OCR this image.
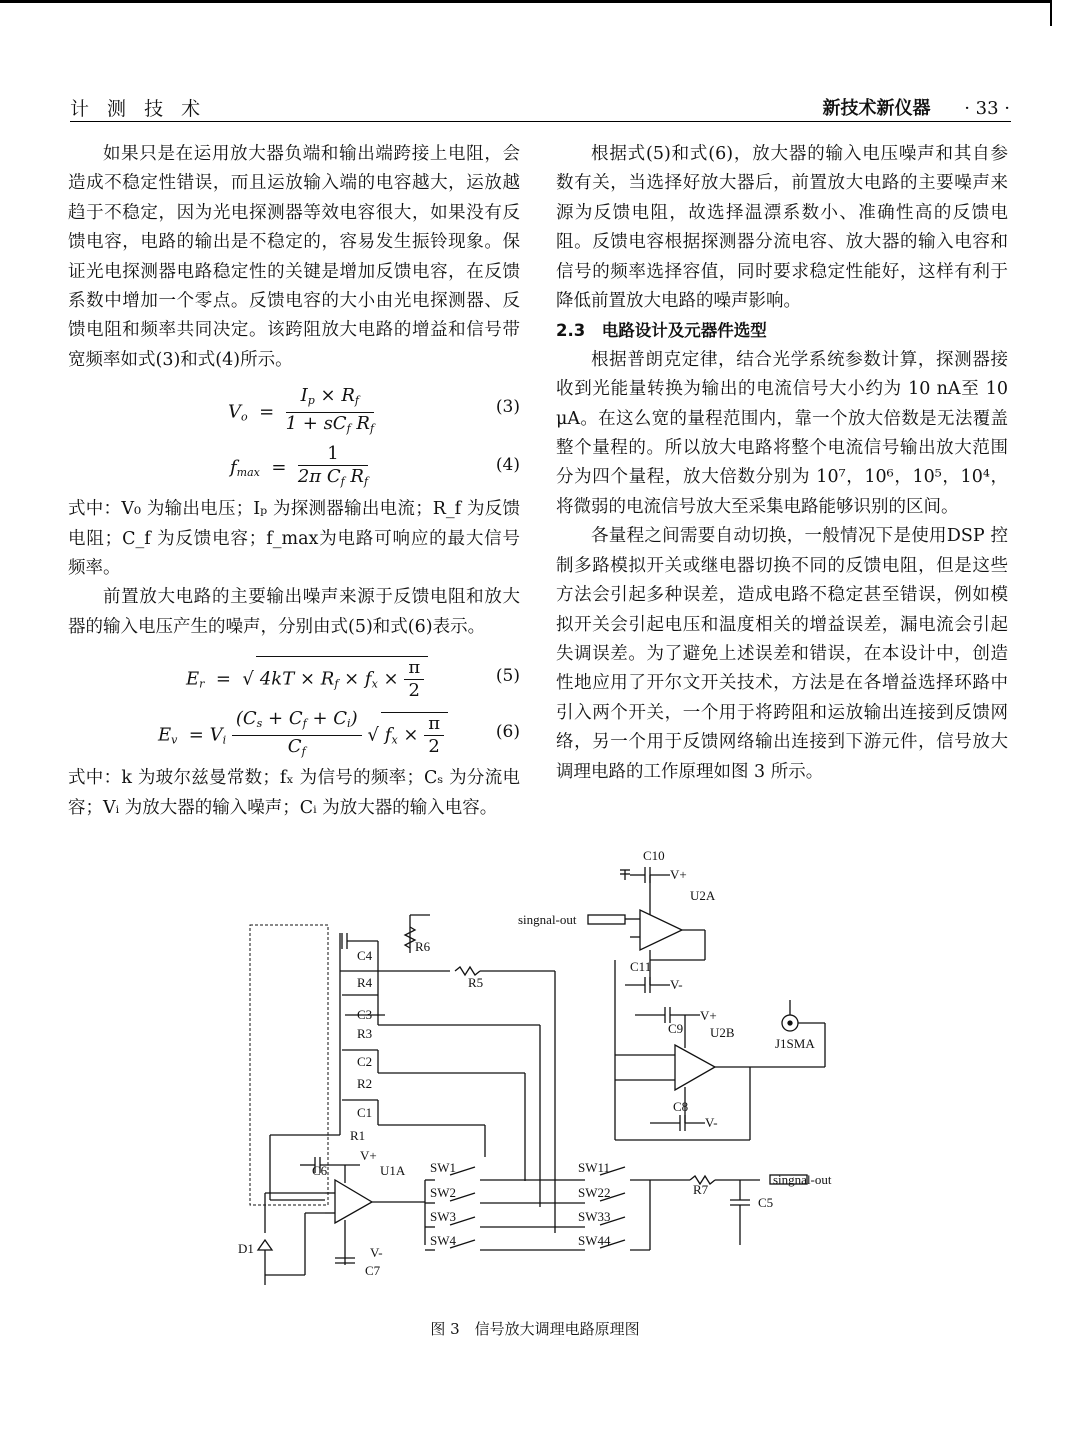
计 测 技 术	新技术新仪器 · 33 ·

如果只是在运用放大器负端和输出端跨接上电阻，会造成不稳定性错误，而且运放输入端的电容越大，运放越趋于不稳定，因为光电探测器等效电容很大，如果没有反馈电容，电路的输出是不稳定的，容易发生振铃现象。保证光电探测器电路稳定性的关键是增加反馈电容，在反馈系数中增加一个零点。反馈电容的大小由光电探测器、反馈电阻和频率共同决定。该跨阻放大电路的增益和信号带宽频率如式(3)和式(4)所示。

$V_o = \frac{I_p \times R_f}{1 + sC_f R_f}$	(3)
$f_{max} = \frac{1}{2\pi C_f R_f}$	(4)

式中：V₀ 为输出电压；Iₚ 为探测器输出电流；R_f 为反馈电阻；C_f 为反馈电容；f_max为电路可响应的最大信号频率。

前置放大电路的主要输出噪声来源于反馈电阻和放大器的输入电压产生的噪声，分别由式(5)和式(6)表示。

$E_r$  =  √ $4kT \times R_f \times f_x \times \frac{\pi}{2}$	(5)
$E_v = V_i \frac{(C_s + C_f + C_i)}{C_f}$ √ $f_x \times \frac{\pi}{2}$	(6)

式中：k 为玻尔兹曼常数；fₓ 为信号的频率；Cₛ 为分流电容；Vᵢ 为放大器的输入噪声；Cᵢ 为放大器的输入电容。

根据式(5)和式(6)，放大器的输入电压噪声和其自参数有关，当选择好放大器后，前置放大电路的主要噪声来源为反馈电阻，故选择温漂系数小、准确性高的反馈电阻。反馈电容根据探测器分流电容、放大器的输入电容和信号的频率选择容值，同时要求稳定性能好，这样有利于降低前置放大电路的噪声影响。

2.3　电路设计及元器件选型

根据普朗克定律，结合光学系统参数计算，探测器接收到光能量转换为输出的电流信号大小约为 10 nA至 10 μA。在这么宽的量程范围内，靠一个放大倍数是无法覆盖整个量程的。所以放大电路将整个电流信号输出放大范围分为四个量程，放大倍数分别为 10⁷，10⁶，10⁵，10⁴，将微弱的电流信号放大至采集电路能够识别的区间。

各量程之间需要自动切换，一般情况下是使用DSP 控制多路模拟开关或继电器切换不同的反馈电阻，但是这些方法会引起多种误差，造成电路不稳定甚至错误，例如模拟开关会引起电压和温度相关的增益误差，漏电流会引起失调误差。为了避免上述误差和错误，在本设计中，创造性地应用了开尔文开关技术，方法是在各增益选择环路中引入两个开关，一个用于将跨阻和运放输出连接到反馈网络，另一个用于反馈网络输出连接到下游元件，信号放大调理电路的工作原理如图 3 所示。

C10
V+
U2A
singnal-out
C11
V-
R6
R5
C4
R4
C3
R3
C2
R2
C1
R1
V+
C9 U2B
J1SMA
C8
V-
V+
C6	U1A
V-
C7
D1
SW1
SW2
SW3
SW4
SW11
SW22
SW33
SW44
R7
C5
singnal-out
图 3　信号放大调理电路原理图
